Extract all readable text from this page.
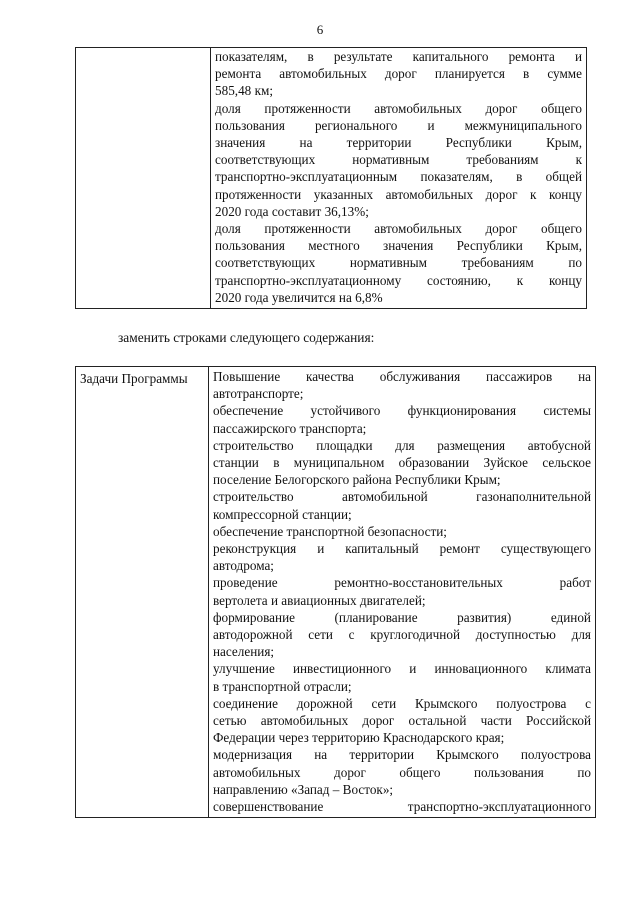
6

показателям, в результате капитального ремонта и
ремонта автомобильных дорог планируется в сумме
585,48 км;
доля протяженности автомобильных дорог общего
пользования регионального и межмуниципального
значения на территории Республики Крым,
соответствующих нормативным требованиям к
транспортно-эксплуатационным показателям, в общей
протяженности указанных автомобильных дорог к концу
2020 года составит 36,13%;
доля протяженности автомобильных дорог общего
пользования местного значения Республики Крым,
соответствующих нормативным требованиям по
транспортно-эксплуатационному состоянию, к концу
2020 года увеличится на 6,8%
заменить строками следующего содержания:
Задачи Программы	Повышение качества обслуживания пассажиров на
автотранспорте;
обеспечение устойчивого функционирования системы
пассажирского транспорта;
строительство площадки для размещения автобусной
станции в муниципальном образовании Зуйское сельское
поселение Белогорского района Республики Крым;
строительство автомобильной газонаполнительной
компрессорной станции;
обеспечение транспортной безопасности;
реконструкция и капитальный ремонт существующего
автодрома;
проведение ремонтно-восстановительных работ
вертолета и авиационных двигателей;
формирование (планирование развития) единой
автодорожной сети с круглогодичной доступностью для
населения;
улучшение инвестиционного и инновационного климата
в транспортной отрасли;
соединение дорожной сети Крымского полуострова с
сетью автомобильных дорог остальной части Российской
Федерации через территорию Краснодарского края;
модернизация на территории Крымского полуострова
автомобильных дорог общего пользования по
направлению «Запад – Восток»;
совершенствование транспортно-эксплуатационного
